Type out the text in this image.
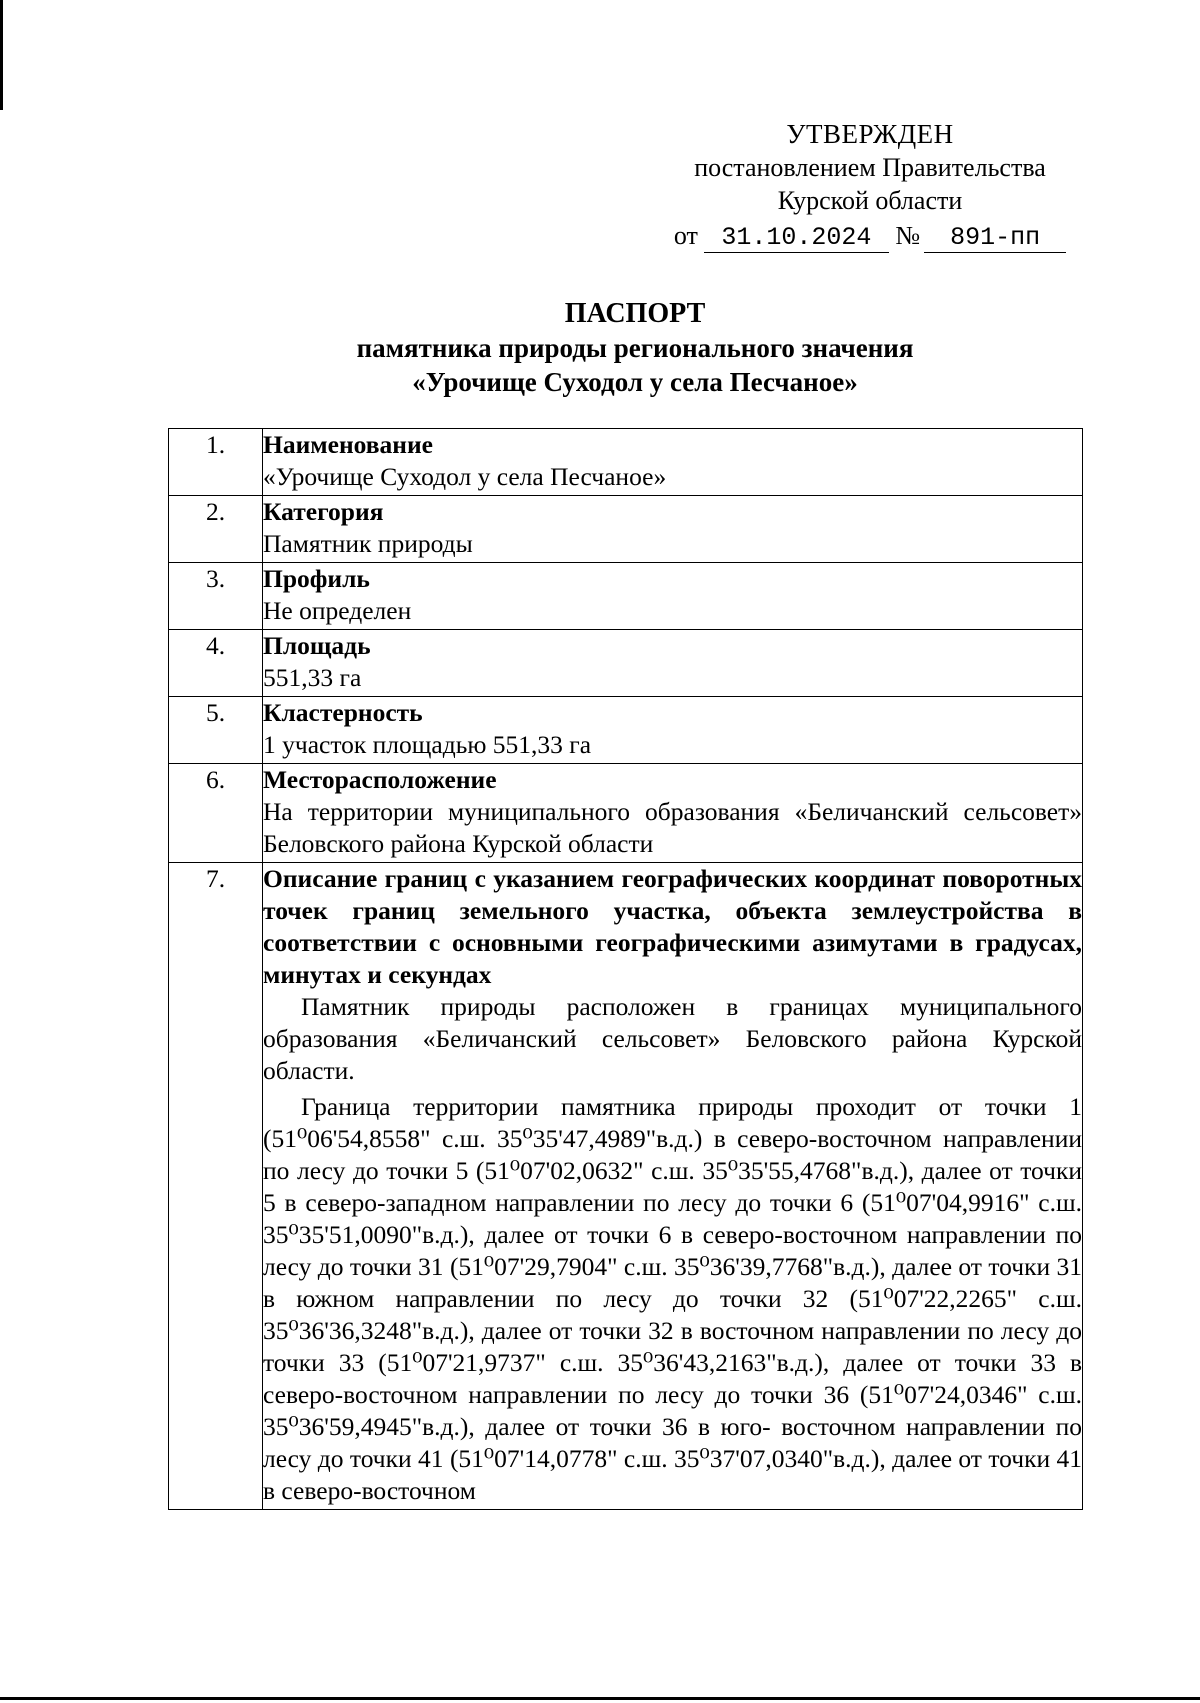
УТВЕРЖДЕН
постановлением Правительства
Курской области
от 31.10.2024 № 891-пп
ПАСПОРТ
памятника природы регионального значения
«Урочище Суходол у села Песчаное»
1.	Наименование
«Урочище Суходол у села Песчаное»

2.	Категория
Памятник природы

3.	Профиль
Не определен

4.	Площадь
551,33 га

5.	Кластерность
1 участок площадью 551,33 га

6.	Месторасположение
На территории муниципального образования «Беличанский сельсовет» Беловского района Курской области

7.	Описание границ с указанием географических координат поворотных точек границ земельного участка, объекта землеустройства в соответствии с основными географическими азимутами в градусах, минутах и секундах

Памятник природы расположен в границах муниципального образования «Беличанский сельсовет» Беловского района Курской области.

Граница территории памятника природы проходит от точки 1 (51⁰06'54,8558" с.ш. 35⁰35'47,4989"в.д.) в северо-восточном направлении по лесу до точки 5 (51⁰07'02,0632" с.ш. 35⁰35'55,4768"в.д.), далее от точки 5 в северо-западном направлении по лесу до точки 6 (51⁰07'04,9916" с.ш. 35⁰35'51,0090"в.д.), далее от точки 6 в северо-восточном направлении по лесу до точки 31 (51⁰07'29,7904" с.ш. 35⁰36'39,7768"в.д.), далее от точки 31 в южном направлении по лесу до точки 32 (51⁰07'22,2265" с.ш. 35⁰36'36,3248"в.д.), далее от точки 32 в восточном направлении по лесу до точки 33 (51⁰07'21,9737" с.ш. 35⁰36'43,2163"в.д.), далее от точки 33 в северо-восточном направлении по лесу до точки 36 (51⁰07'24,0346" с.ш. 35⁰36'59,4945"в.д.), далее от точки 36 в юго- восточном направлении по лесу до точки 41 (51⁰07'14,0778" с.ш. 35⁰37'07,0340"в.д.), далее от точки 41 в северо-восточном
